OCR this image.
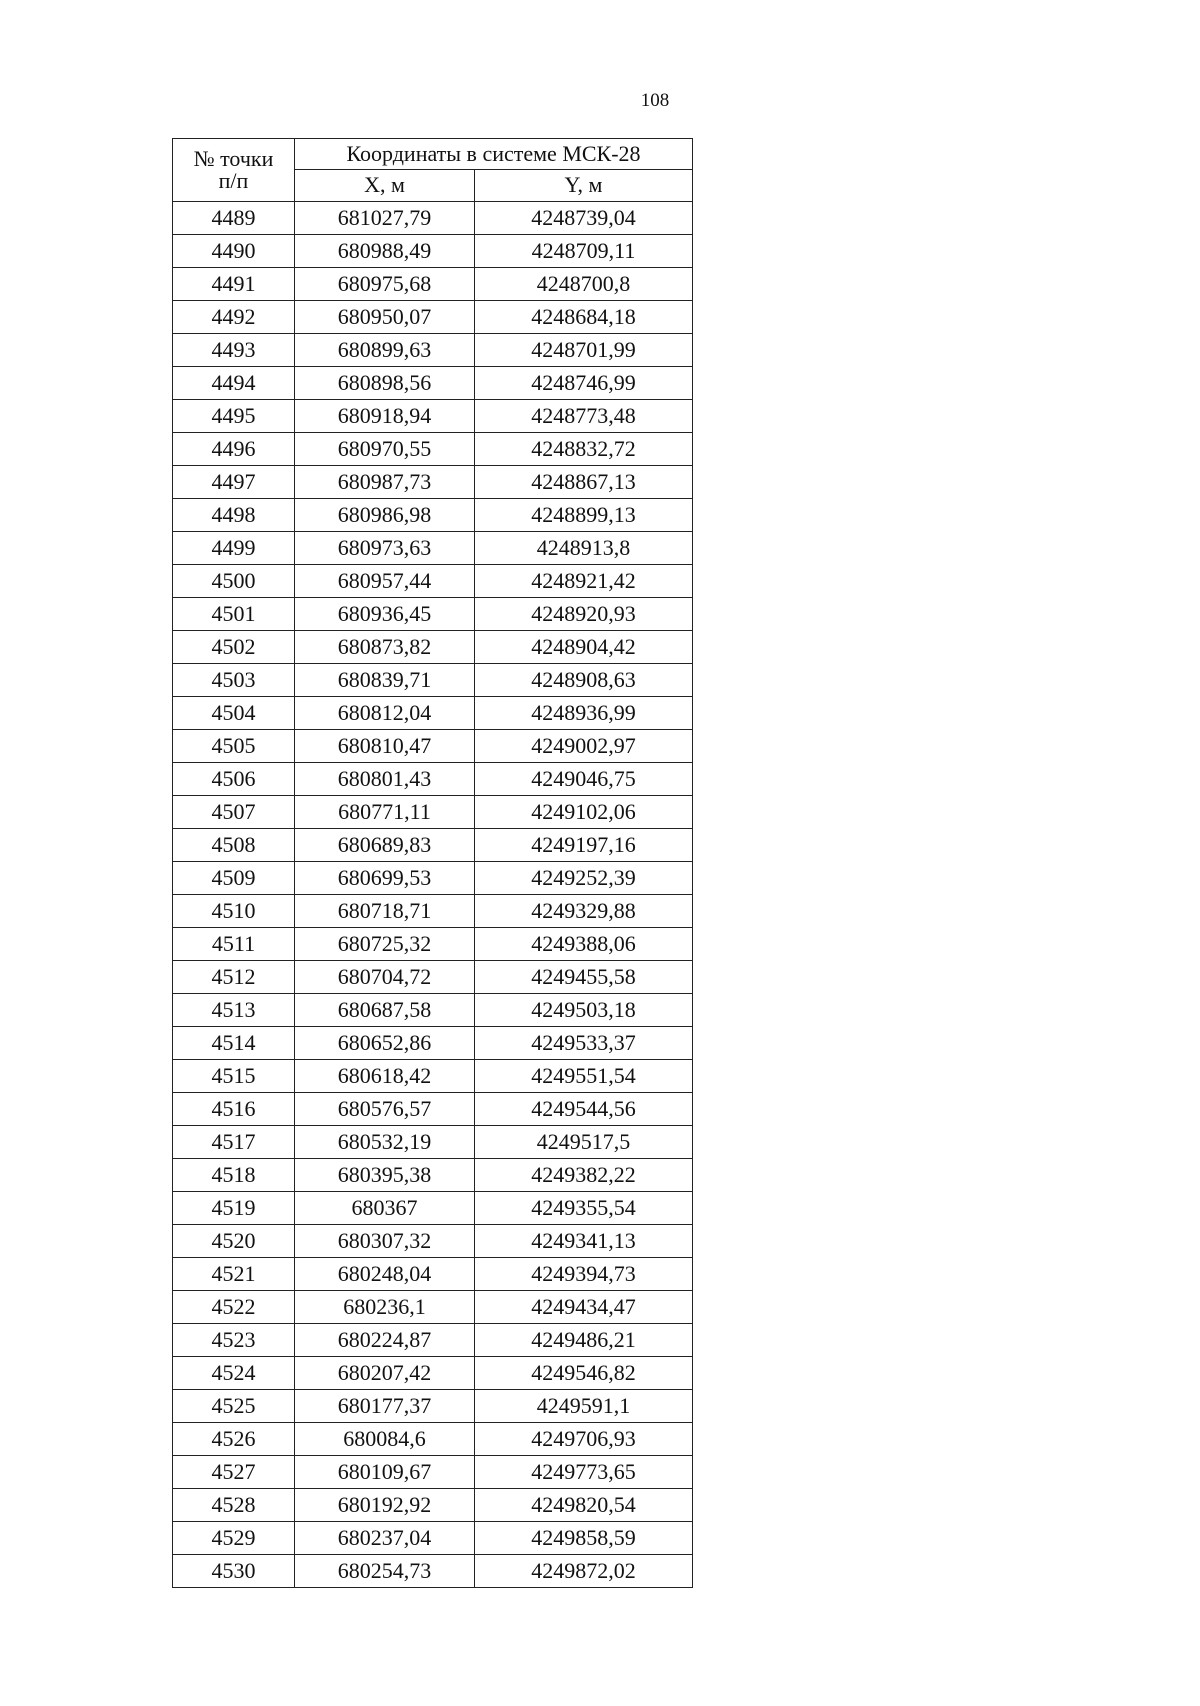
108
№ точки
п/п	Координаты в системе МСК-28	
	X, м	Y, м
4489	681027,79	4248739,04
4490	680988,49	4248709,11
4491	680975,68	4248700,8
4492	680950,07	4248684,18
4493	680899,63	4248701,99
4494	680898,56	4248746,99
4495	680918,94	4248773,48
4496	680970,55	4248832,72
4497	680987,73	4248867,13
4498	680986,98	4248899,13
4499	680973,63	4248913,8
4500	680957,44	4248921,42
4501	680936,45	4248920,93
4502	680873,82	4248904,42
4503	680839,71	4248908,63
4504	680812,04	4248936,99
4505	680810,47	4249002,97
4506	680801,43	4249046,75
4507	680771,11	4249102,06
4508	680689,83	4249197,16
4509	680699,53	4249252,39
4510	680718,71	4249329,88
4511	680725,32	4249388,06
4512	680704,72	4249455,58
4513	680687,58	4249503,18
4514	680652,86	4249533,37
4515	680618,42	4249551,54
4516	680576,57	4249544,56
4517	680532,19	4249517,5
4518	680395,38	4249382,22
4519	680367	4249355,54
4520	680307,32	4249341,13
4521	680248,04	4249394,73
4522	680236,1	4249434,47
4523	680224,87	4249486,21
4524	680207,42	4249546,82
4525	680177,37	4249591,1
4526	680084,6	4249706,93
4527	680109,67	4249773,65
4528	680192,92	4249820,54
4529	680237,04	4249858,59
4530	680254,73	4249872,02
